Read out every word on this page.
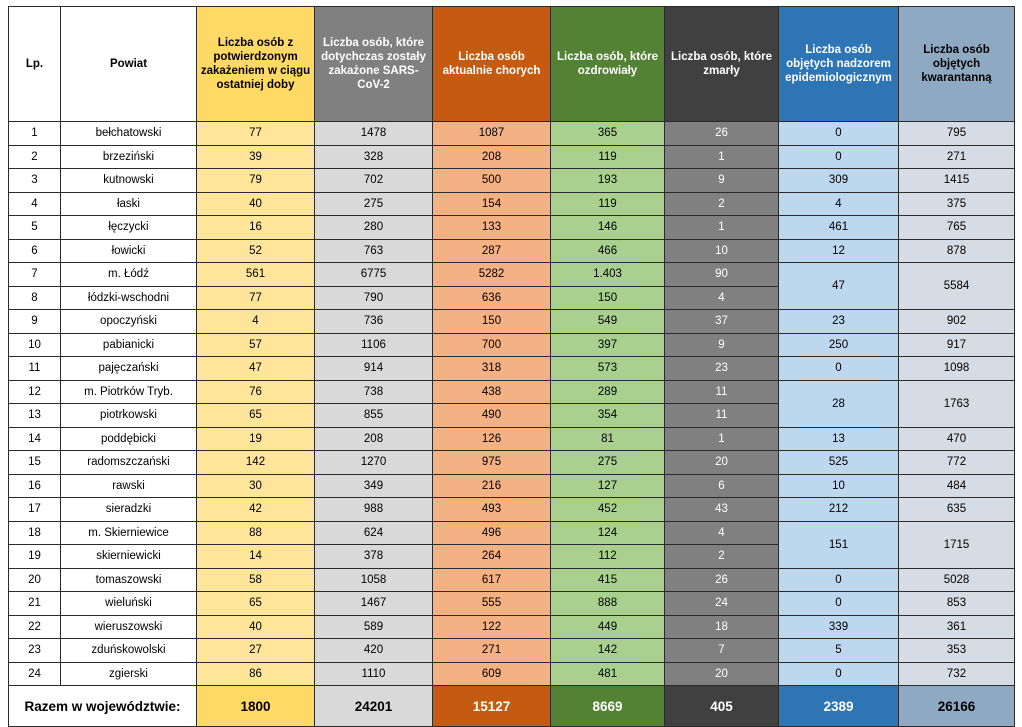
Lp.	Powiat	Liczba osób z potwierdzonym zakażeniem w ciągu ostatniej doby	Liczba osób, które dotychczas zostały zakażone SARS-CoV-2	Liczba osób aktualnie chorych	Liczba osób, które ozdrowiały	Liczba osób, które zmarły	Liczba osób objętych nadzorem epidemiologicznym	Liczba osób objętych kwarantanną
1	bełchatowski	77	1478	1087	365	26	0	795
2	brzeziński	39	328	208	119	1	0	271
3	kutnowski	79	702	500	193	9	309	1415
4	łaski	40	275	154	119	2	4	375
5	łęczycki	16	280	133	146	1	461	765
6	łowicki	52	763	287	466	10	12	878
7	m. Łódź	561	6775	5282	1.403	90	47	5584
8	łódzki-wschodni	77	790	636	150	4		
9	opoczyński	4	736	150	549	37	23	902
10	pabianicki	57	1106	700	397	9	250	917
11	pajęczański	47	914	318	573	23	0	1098
12	m. Piotrków Tryb.	76	738	438	289	11	28	1763
13	piotrkowski	65	855	490	354	11		
14	poddębicki	19	208	126	81	1	13	470
15	radomszczański	142	1270	975	275	20	525	772
16	rawski	30	349	216	127	6	10	484
17	sieradzki	42	988	493	452	43	212	635
18	m. Skierniewice	88	624	496	124	4	151	1715
19	skierniewicki	14	378	264	112	2		
20	tomaszowski	58	1058	617	415	26	0	5028
21	wieluński	65	1467	555	888	24	0	853
22	wieruszowski	40	589	122	449	18	339	361
23	zduńskowolski	27	420	271	142	7	5	353
24	zgierski	86	1110	609	481	20	0	732
Razem w województwie:		1800	24201	15127	8669	405	2389	26166
